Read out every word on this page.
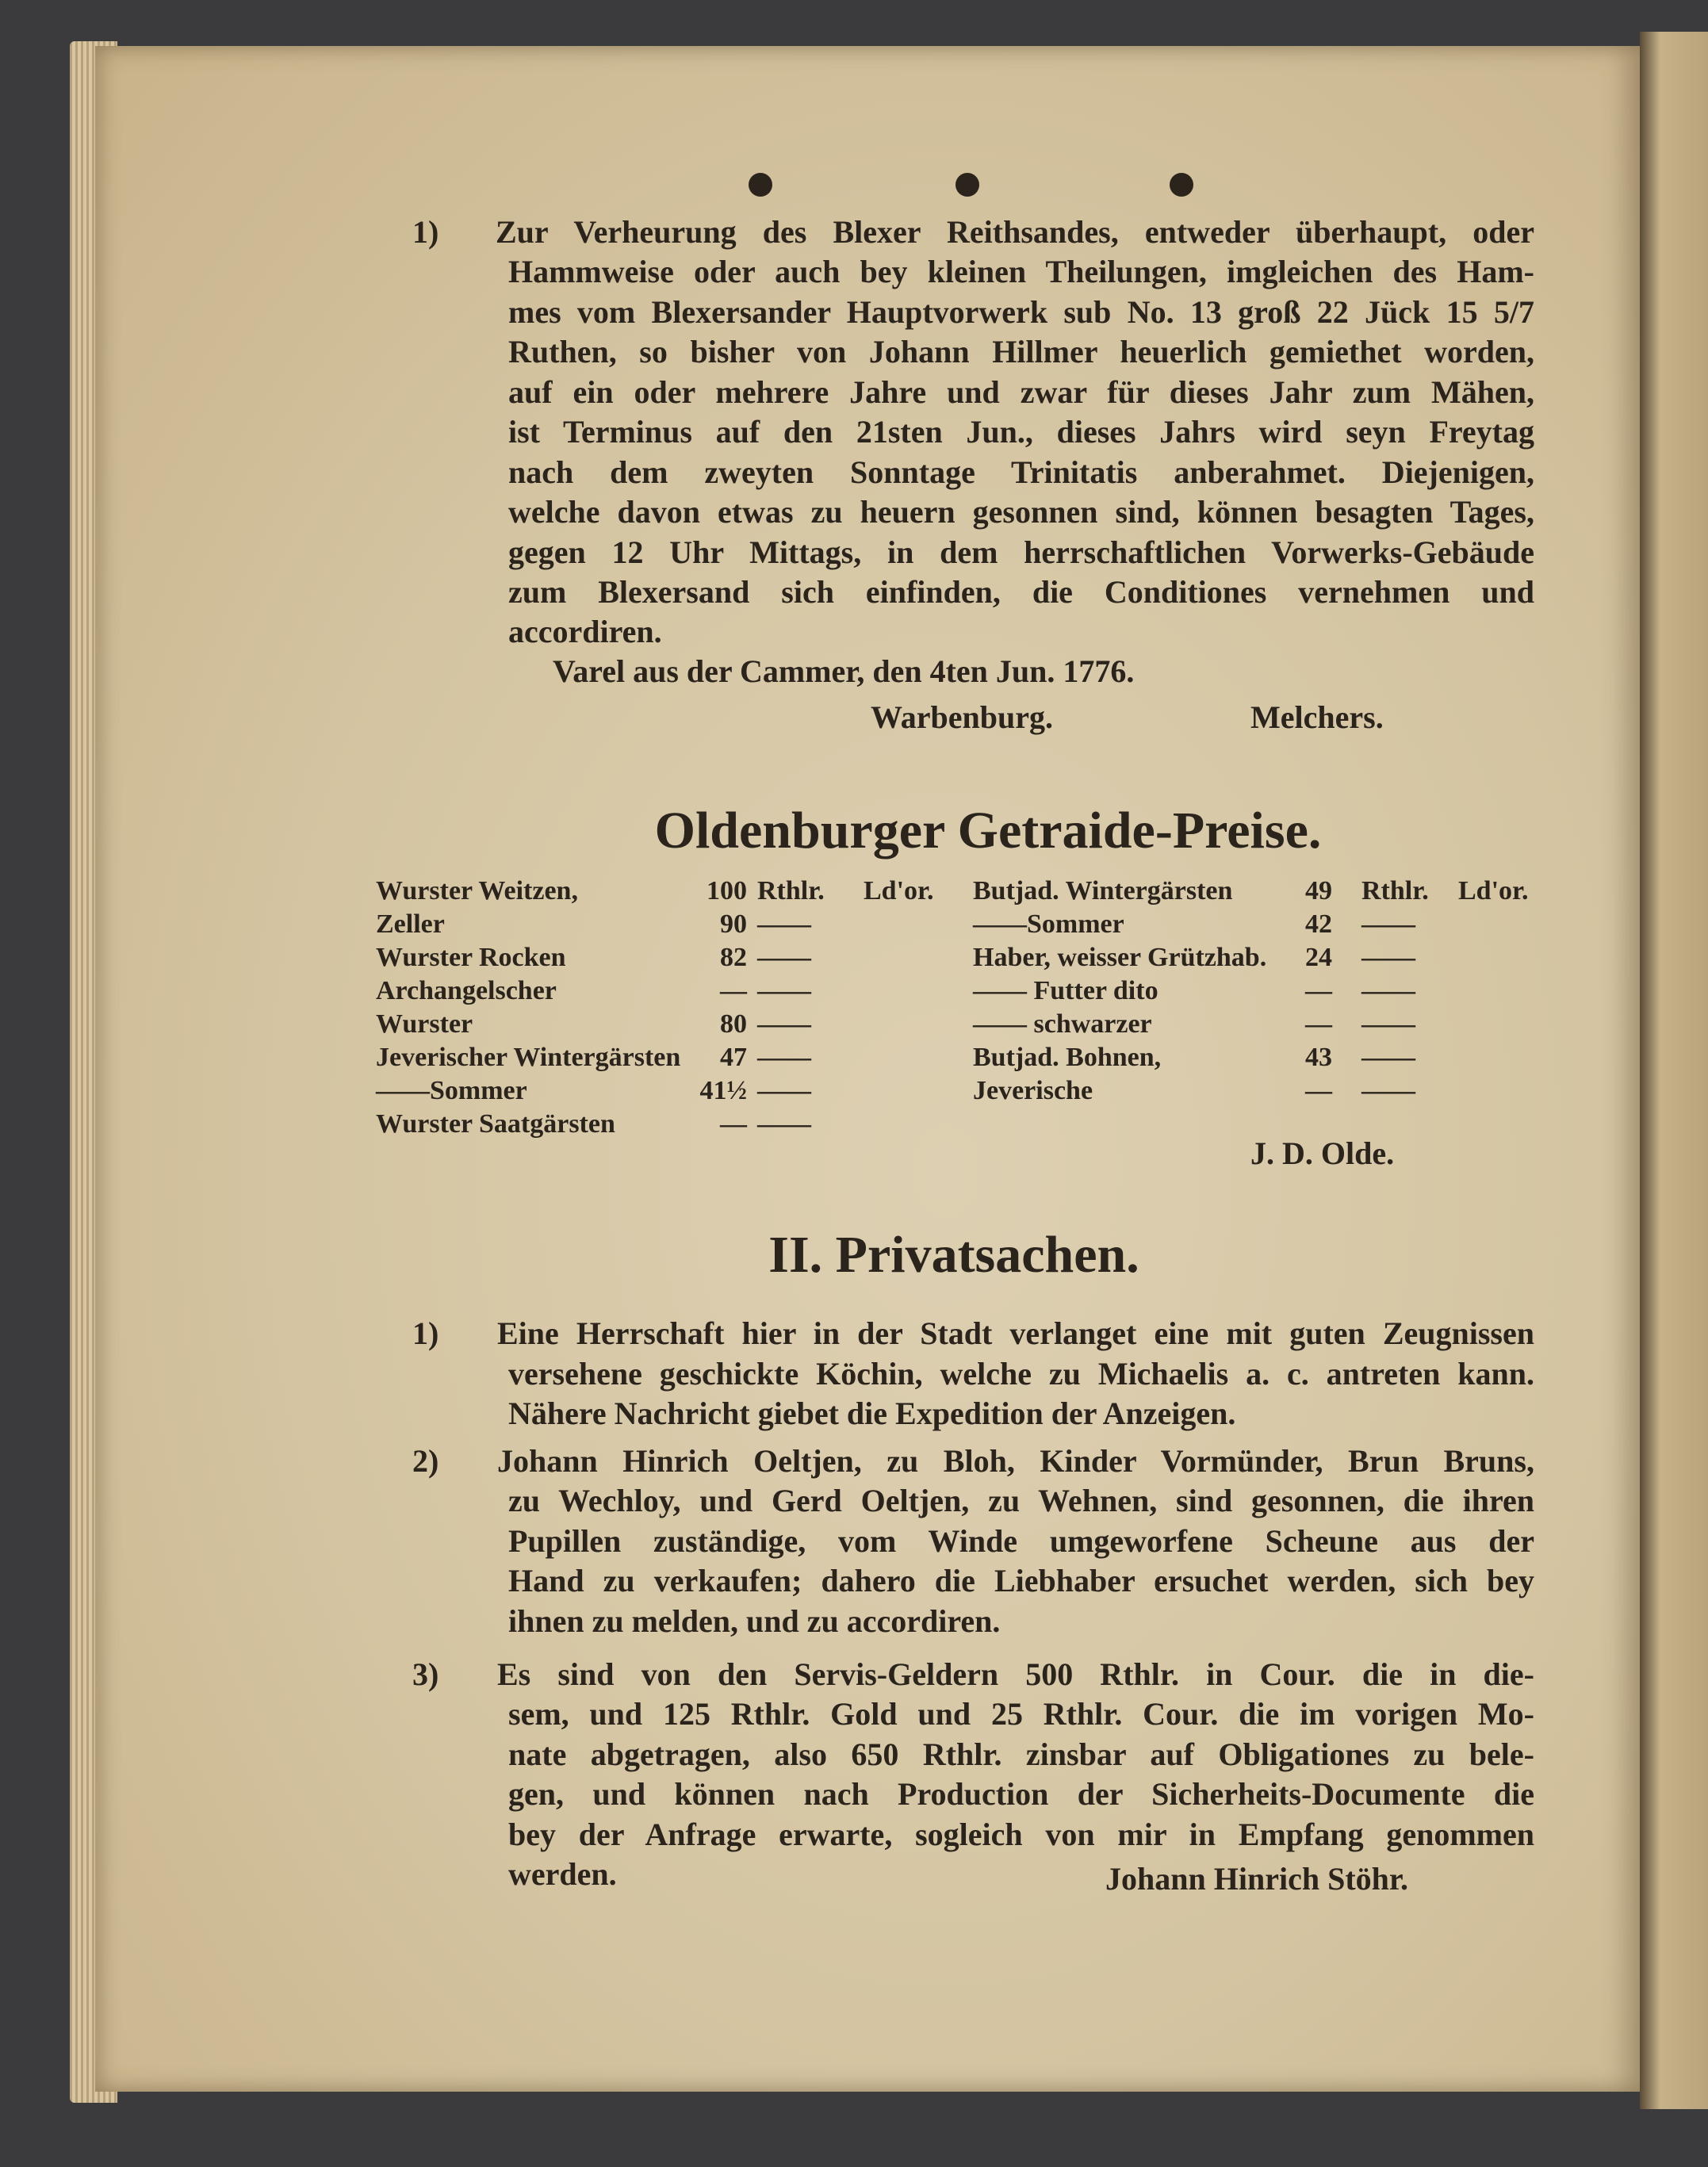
1) Zur Verheurung des Blexer Reithsandes, entweder überhaupt, oder
Hammweise oder auch bey kleinen Theilungen, imgleichen des Ham-
mes vom Blexersander Hauptvorwerk sub No. 13 groß 22 Jück 15 5/7
Ruthen, so bisher von Johann Hillmer heuerlich gemiethet worden,
auf ein oder mehrere Jahre und zwar für dieses Jahr zum Mähen,
ist Terminus auf den 21sten Jun., dieses Jahrs wird seyn Freytag
nach dem zweyten Sonntage Trinitatis anberahmet. Diejenigen,
welche davon etwas zu heuern gesonnen sind, können besagten Tages,
gegen 12 Uhr Mittags, in dem herrschaftlichen Vorwerks-Gebäude
zum Blexersand sich einfinden, die Conditiones vernehmen und
accordiren.
Varel aus der Cammer, den 4ten Jun. 1776.
Warbenburg.	Melchers.
Oldenburger Getraide-Preise.
Wurster Weitzen,	100 Rthlr. Ld'or.
Zeller	90 ——
Wurster Rocken	82 ——
Archangelscher	— ——
Wurster	80 ——
Jeverischer Wintergärsten	47 ——
——Sommer	41½ ——
Wurster Saatgärsten	— ——
Butjad. Wintergärsten	49 Rthlr. Ld'or.
——Sommer	42 ——
Haber, weisser Grützhab.	24 ——
—— Futter dito	— ——
—— schwarzer	— ——
Butjad. Bohnen,	43 ——
Jeverische	— ——
J. D. Olde.
II. Privatsachen.
1) Eine Herrschaft hier in der Stadt verlanget eine mit guten Zeugnissen
versehene geschickte Köchin, welche zu Michaelis a. c. antreten kann.
Nähere Nachricht giebet die Expedition der Anzeigen.
2) Johann Hinrich Oeltjen, zu Bloh, Kinder Vormünder, Brun Bruns,
zu Wechloy, und Gerd Oeltjen, zu Wehnen, sind gesonnen, die ihren
Pupillen zuständige, vom Winde umgeworfene Scheune aus der
Hand zu verkaufen; dahero die Liebhaber ersuchet werden, sich bey
ihnen zu melden, und zu accordiren.
3) Es sind von den Servis-Geldern 500 Rthlr. in Cour. die in die-
sem, und 125 Rthlr. Gold und 25 Rthlr. Cour. die im vorigen Mo-
nate abgetragen, also 650 Rthlr. zinsbar auf Obligationes zu bele-
gen, und können nach Production der Sicherheits-Documente die
bey der Anfrage erwarte, sogleich von mir in Empfang genommen
werden.	Johann Hinrich Stöhr.
